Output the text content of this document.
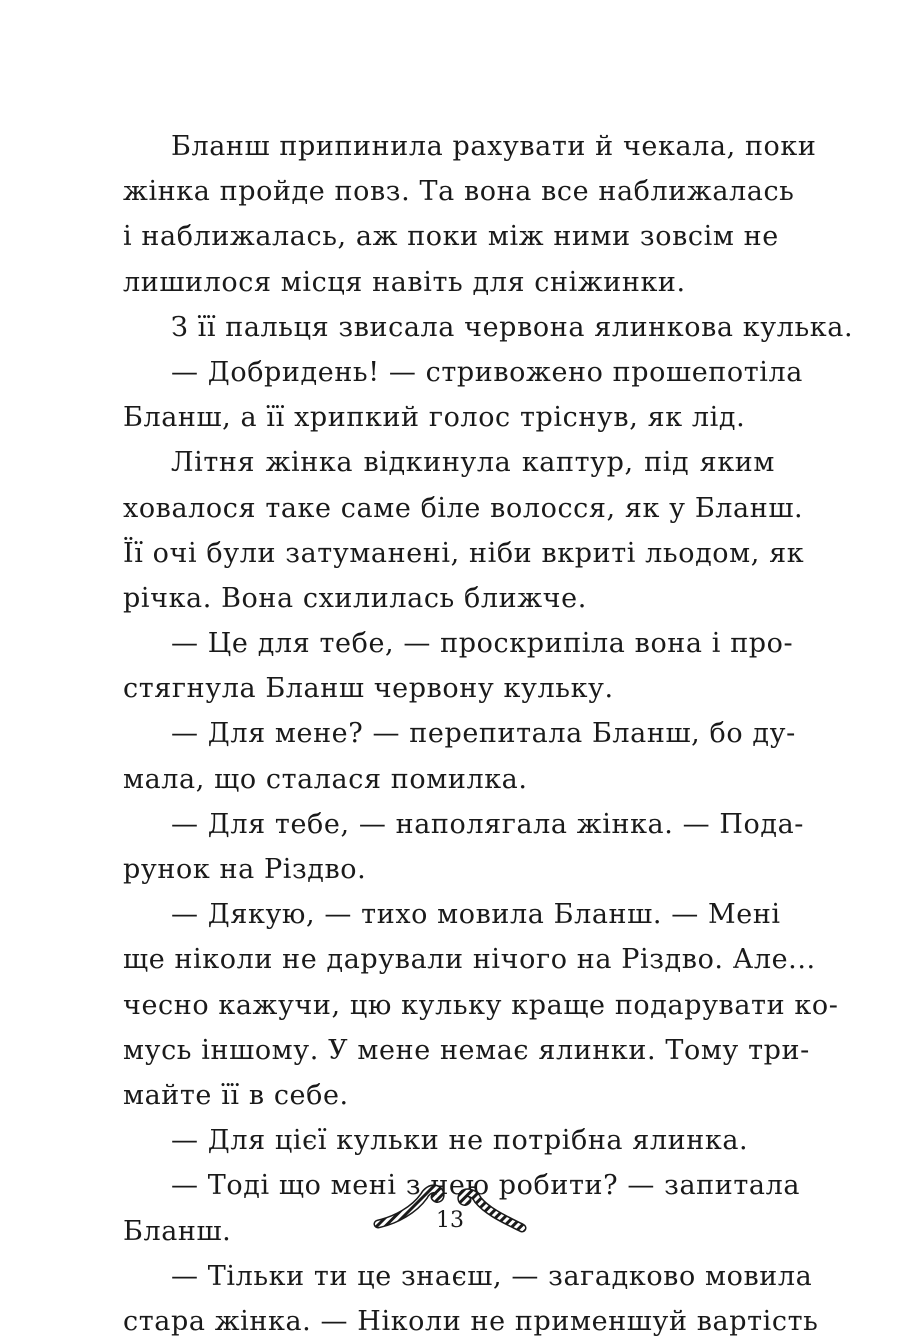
Бланш припинила рахувати й чекала, поки
жінка пройде повз. Та вона все наближалась
і наближалась, аж поки між ними зовсім не
лишилося місця навіть для сніжинки.
З її пальця звисала червона ялинкова кулька.
— Добридень! — стривожено прошепотіла
Бланш, а її хрипкий голос тріснув, як лід.
Літня жінка відкинула каптур, під яким
ховалося таке саме біле волосся, як у Бланш.
Її очі були затуманені, ніби вкриті льодом, як
річка. Вона схилилась ближче.
— Це для тебе, — проскрипіла вона і про-
стягнула Бланш червону кульку.
— Для мене? — перепитала Бланш, бо ду-
мала, що сталася помилка.
— Для тебе, — наполягала жінка. — Пода-
рунок на Різдво.
— Дякую, — тихо мовила Бланш. — Мені
ще ніколи не дарували нічого на Різдво. Але...
чесно кажучи, цю кульку краще подарувати ко-
мусь іншому. У мене немає ялинки. Тому три-
майте її в себе.
— Для цієї кульки не потрібна ялинка.
— Тоді що мені з нею робити? — запитала
Бланш.
— Тільки ти це знаєш, — загадково мовила
стара жінка. — Ніколи не применшуй вартість
13
